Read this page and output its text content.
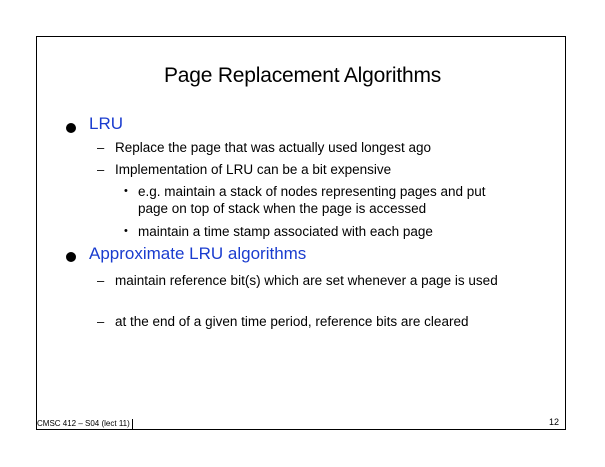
Page Replacement Algorithms
LRU
– Replace the page that was actually used longest ago
– Implementation of LRU can be a bit expensive
• e.g. maintain a stack of nodes representing pages and put page on top of stack when the page is accessed
• maintain a time stamp associated with each page
Approximate LRU algorithms
– maintain reference bit(s) which are set whenever a page is used
– at the end of a given time period, reference bits are cleared
CMSC 412 – S04 (lect 11)	12
